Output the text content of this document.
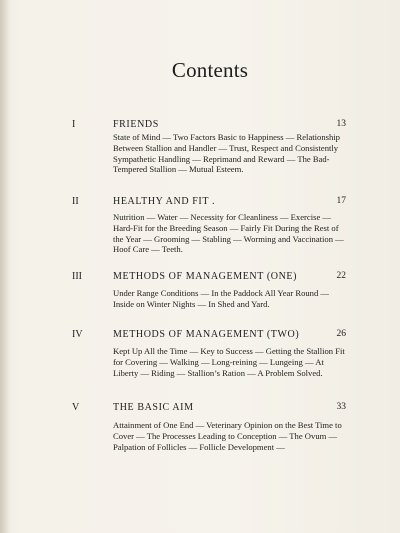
Contents
I	FRIENDS	13
State of Mind — Two Factors Basic to Happiness — Relationship Between Stallion and Handler — Trust, Respect and Consistently Sympathetic Handling — Reprimand and Reward — The Bad-Tempered Stallion — Mutual Esteem.
II	HEALTHY AND FIT .	17
Nutrition — Water — Necessity for Cleanliness — Exercise — Hard-Fit for the Breeding Season — Fairly Fit During the Rest of the Year — Grooming — Stabling — Worming and Vaccination — Hoof Care — Teeth.
III	METHODS OF MANAGEMENT (ONE)	22
Under Range Conditions — In the Paddock All Year Round — Inside on Winter Nights — In Shed and Yard.
IV	METHODS OF MANAGEMENT (TWO)	26
Kept Up All the Time — Key to Success — Getting the Stallion Fit for Covering — Walking — Long-reining — Lungeing — At Liberty — Riding — Stallion’s Ration — A Problem Solved.
V	THE BASIC AIM	33
Attainment of One End — Veterinary Opinion on the Best Time to Cover — The Processes Leading to Conception — The Ovum — Palpation of Follicles — Follicle Development —
